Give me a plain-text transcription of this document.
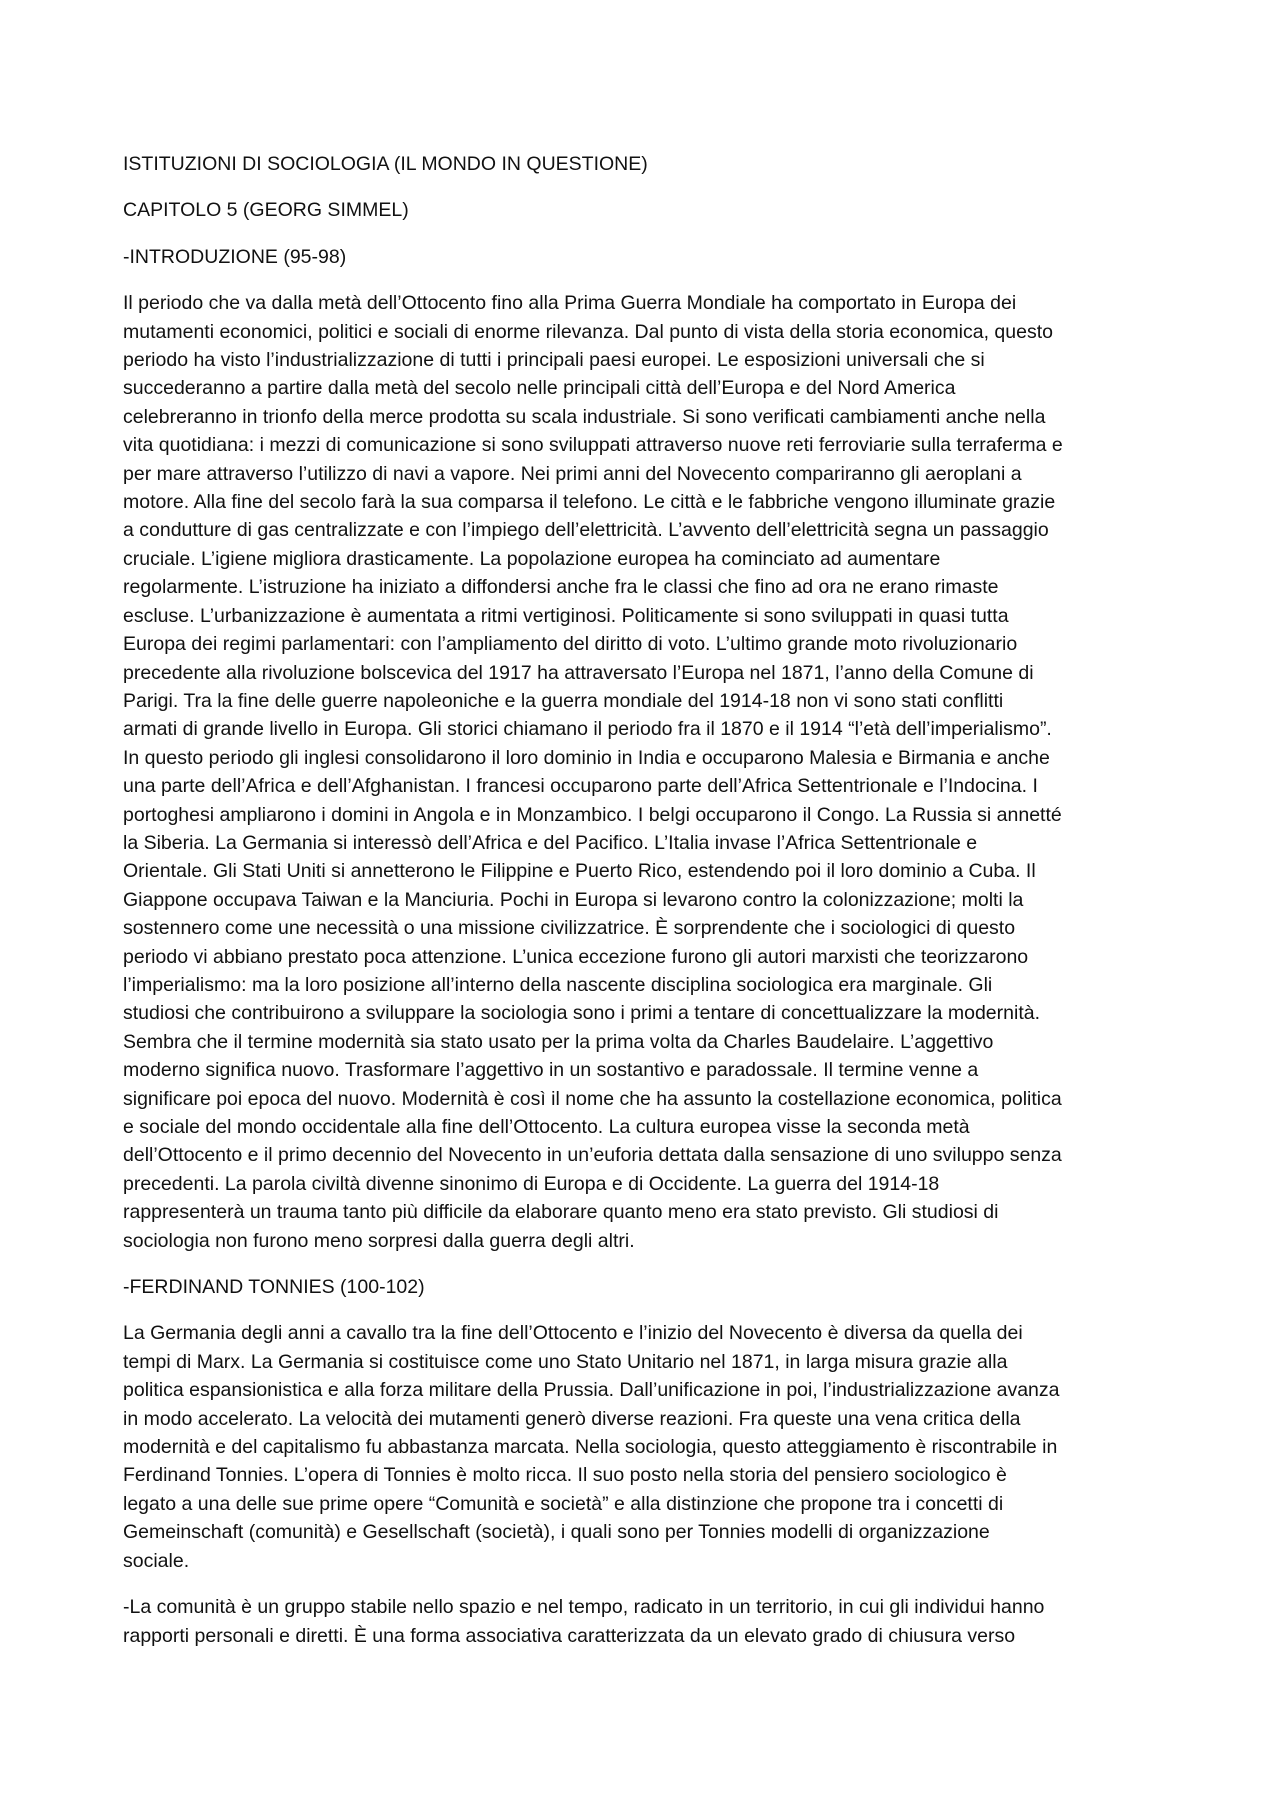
ISTITUZIONI DI SOCIOLOGIA (IL MONDO IN QUESTIONE)

CAPITOLO 5 (GEORG SIMMEL)

-INTRODUZIONE (95-98)

Il periodo che va dalla metà dell’Ottocento fino alla Prima Guerra Mondiale ha comportato in Europa dei
mutamenti economici, politici e sociali di enorme rilevanza. Dal punto di vista della storia economica, questo
periodo ha visto l’industrializzazione di tutti i principali paesi europei. Le esposizioni universali che si
succederanno a partire dalla metà del secolo nelle principali città dell’Europa e del Nord America
celebreranno in trionfo della merce prodotta su scala industriale. Si sono verificati cambiamenti anche nella
vita quotidiana: i mezzi di comunicazione si sono sviluppati attraverso nuove reti ferroviarie sulla terraferma e
per mare attraverso l’utilizzo di navi a vapore. Nei primi anni del Novecento compariranno gli aeroplani a
motore. Alla fine del secolo farà la sua comparsa il telefono. Le città e le fabbriche vengono illuminate grazie
a condutture di gas centralizzate e con l’impiego dell’elettricità. L’avvento dell’elettricità segna un passaggio
cruciale. L’igiene migliora drasticamente. La popolazione europea ha cominciato ad aumentare
regolarmente. L’istruzione ha iniziato a diffondersi anche fra le classi che fino ad ora ne erano rimaste
escluse. L’urbanizzazione è aumentata a ritmi vertiginosi. Politicamente si sono sviluppati in quasi tutta
Europa dei regimi parlamentari: con l’ampliamento del diritto di voto. L’ultimo grande moto rivoluzionario
precedente alla rivoluzione bolscevica del 1917 ha attraversato l’Europa nel 1871, l’anno della Comune di
Parigi. Tra la fine delle guerre napoleoniche e la guerra mondiale del 1914-18 non vi sono stati conflitti
armati di grande livello in Europa. Gli storici chiamano il periodo fra il 1870 e il 1914 “l’età dell’imperialismo”.
In questo periodo gli inglesi consolidarono il loro dominio in India e occuparono Malesia e Birmania e anche
una parte dell’Africa e dell’Afghanistan. I francesi occuparono parte dell’Africa Settentrionale e l’Indocina. I
portoghesi ampliarono i domini in Angola e in Monzambico. I belgi occuparono il Congo. La Russia si annetté
la Siberia. La Germania si interessò dell’Africa e del Pacifico. L’Italia invase l’Africa Settentrionale e
Orientale. Gli Stati Uniti si annetterono le Filippine e Puerto Rico, estendendo poi il loro dominio a Cuba. Il
Giappone occupava Taiwan e la Manciuria. Pochi in Europa si levarono contro la colonizzazione; molti la
sostennero come une necessità o una missione civilizzatrice. È sorprendente che i sociologici di questo
periodo vi abbiano prestato poca attenzione. L’unica eccezione furono gli autori marxisti che teorizzarono
l’imperialismo: ma la loro posizione all’interno della nascente disciplina sociologica era marginale. Gli
studiosi che contribuirono a sviluppare la sociologia sono i primi a tentare di concettualizzare la modernità.
Sembra che il termine modernità sia stato usato per la prima volta da Charles Baudelaire. L’aggettivo
moderno significa nuovo. Trasformare l’aggettivo in un sostantivo e paradossale. Il termine venne a
significare poi epoca del nuovo. Modernità è così il nome che ha assunto la costellazione economica, politica
e sociale del mondo occidentale alla fine dell’Ottocento. La cultura europea visse la seconda metà
dell’Ottocento e il primo decennio del Novecento in un’euforia dettata dalla sensazione di uno sviluppo senza
precedenti. La parola civiltà divenne sinonimo di Europa e di Occidente. La guerra del 1914-18
rappresenterà un trauma tanto più difficile da elaborare quanto meno era stato previsto. Gli studiosi di
sociologia non furono meno sorpresi dalla guerra degli altri.

-FERDINAND TONNIES (100-102)

La Germania degli anni a cavallo tra la fine dell’Ottocento e l’inizio del Novecento è diversa da quella dei
tempi di Marx. La Germania si costituisce come uno Stato Unitario nel 1871, in larga misura grazie alla
politica espansionistica e alla forza militare della Prussia. Dall’unificazione in poi, l’industrializzazione avanza
in modo accelerato. La velocità dei mutamenti generò diverse reazioni. Fra queste una vena critica della
modernità e del capitalismo fu abbastanza marcata. Nella sociologia, questo atteggiamento è riscontrabile in
Ferdinand Tonnies. L’opera di Tonnies è molto ricca. Il suo posto nella storia del pensiero sociologico è
legato a una delle sue prime opere “Comunità e società” e alla distinzione che propone tra i concetti di
Gemeinschaft (comunità) e Gesellschaft (società), i quali sono per Tonnies modelli di organizzazione
sociale.

-La comunità è un gruppo stabile nello spazio e nel tempo, radicato in un territorio, in cui gli individui hanno
rapporti personali e diretti. È una forma associativa caratterizzata da un elevato grado di chiusura verso
